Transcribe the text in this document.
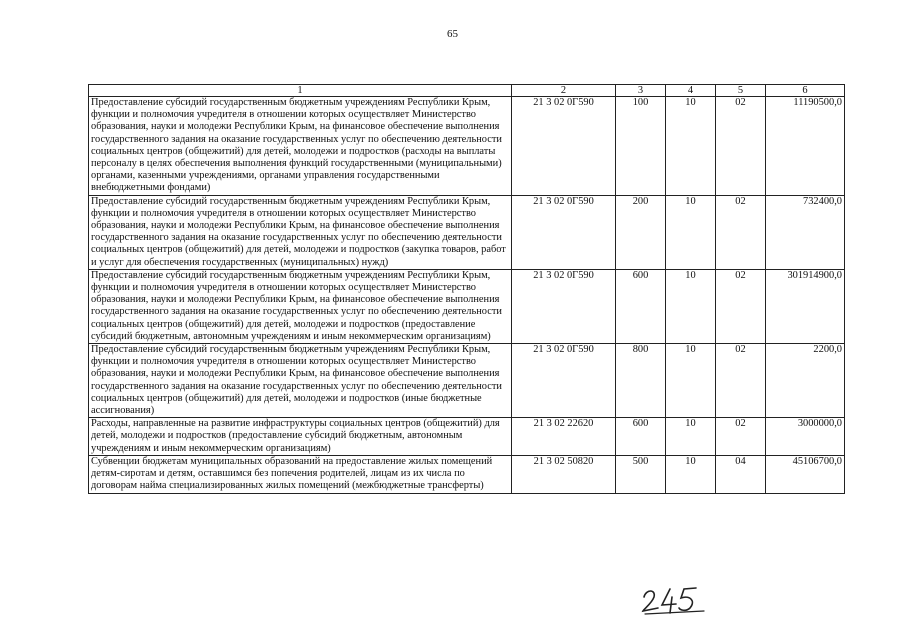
65
1	2	3	4	5	6
Предоставление субсидий государственным бюджетным учреждениям Республики Крым, функции и полномочия учредителя в отношении которых осуществляет Министерство образования, науки и молодежи Республики Крым, на финансовое обеспечение выполнения государственного задания на оказание государственных услуг по обеспечению деятельности социальных центров (общежитий) для детей, молодежи и подростков (расходы на выплаты персоналу в целях обеспечения выполнения функций государственными (муниципальными) органами, казенными учреждениями, органами управления государственными внебюджетными фондами)	21 3 02 0Г590	100	10	02	11190500,0
Предоставление субсидий государственным бюджетным учреждениям Республики Крым, функции и полномочия учредителя в отношении которых осуществляет Министерство образования, науки и молодежи Республики Крым, на финансовое обеспечение выполнения государственного задания на оказание государственных услуг по обеспечению деятельности социальных центров (общежитий) для детей, молодежи и подростков (закупка товаров, работ и услуг для обеспечения государственных (муниципальных) нужд)	21 3 02 0Г590	200	10	02	732400,0
Предоставление субсидий государственным бюджетным учреждениям Республики Крым, функции и полномочия учредителя в отношении которых осуществляет Министерство образования, науки и молодежи Республики Крым, на финансовое обеспечение выполнения государственного задания на оказание государственных услуг по обеспечению деятельности социальных центров (общежитий) для детей, молодежи и подростков (предоставление субсидий бюджетным, автономным учреждениям и иным некоммерческим организациям)	21 3 02 0Г590	600	10	02	301914900,0
Предоставление субсидий государственным бюджетным учреждениям Республики Крым, функции и полномочия учредителя в отношении которых осуществляет Министерство образования, науки и молодежи Республики Крым, на финансовое обеспечение выполнения государственного задания на оказание государственных услуг по обеспечению деятельности социальных центров (общежитий) для детей, молодежи и подростков (иные бюджетные ассигнования)	21 3 02 0Г590	800	10	02	2200,0
Расходы, направленные на развитие инфраструктуры социальных центров (общежитий) для детей, молодежи и подростков (предоставление субсидий бюджетным, автономным учреждениям и иным некоммерческим организациям)	21 3 02 22620	600	10	02	3000000,0
Субвенции бюджетам муниципальных образований на предоставление жилых помещений детям-сиротам и детям, оставшимся без попечения родителей, лицам из их числа по договорам найма специализированных жилых помещений (межбюджетные трансферты)	21 3 02 50820	500	10	04	45106700,0
